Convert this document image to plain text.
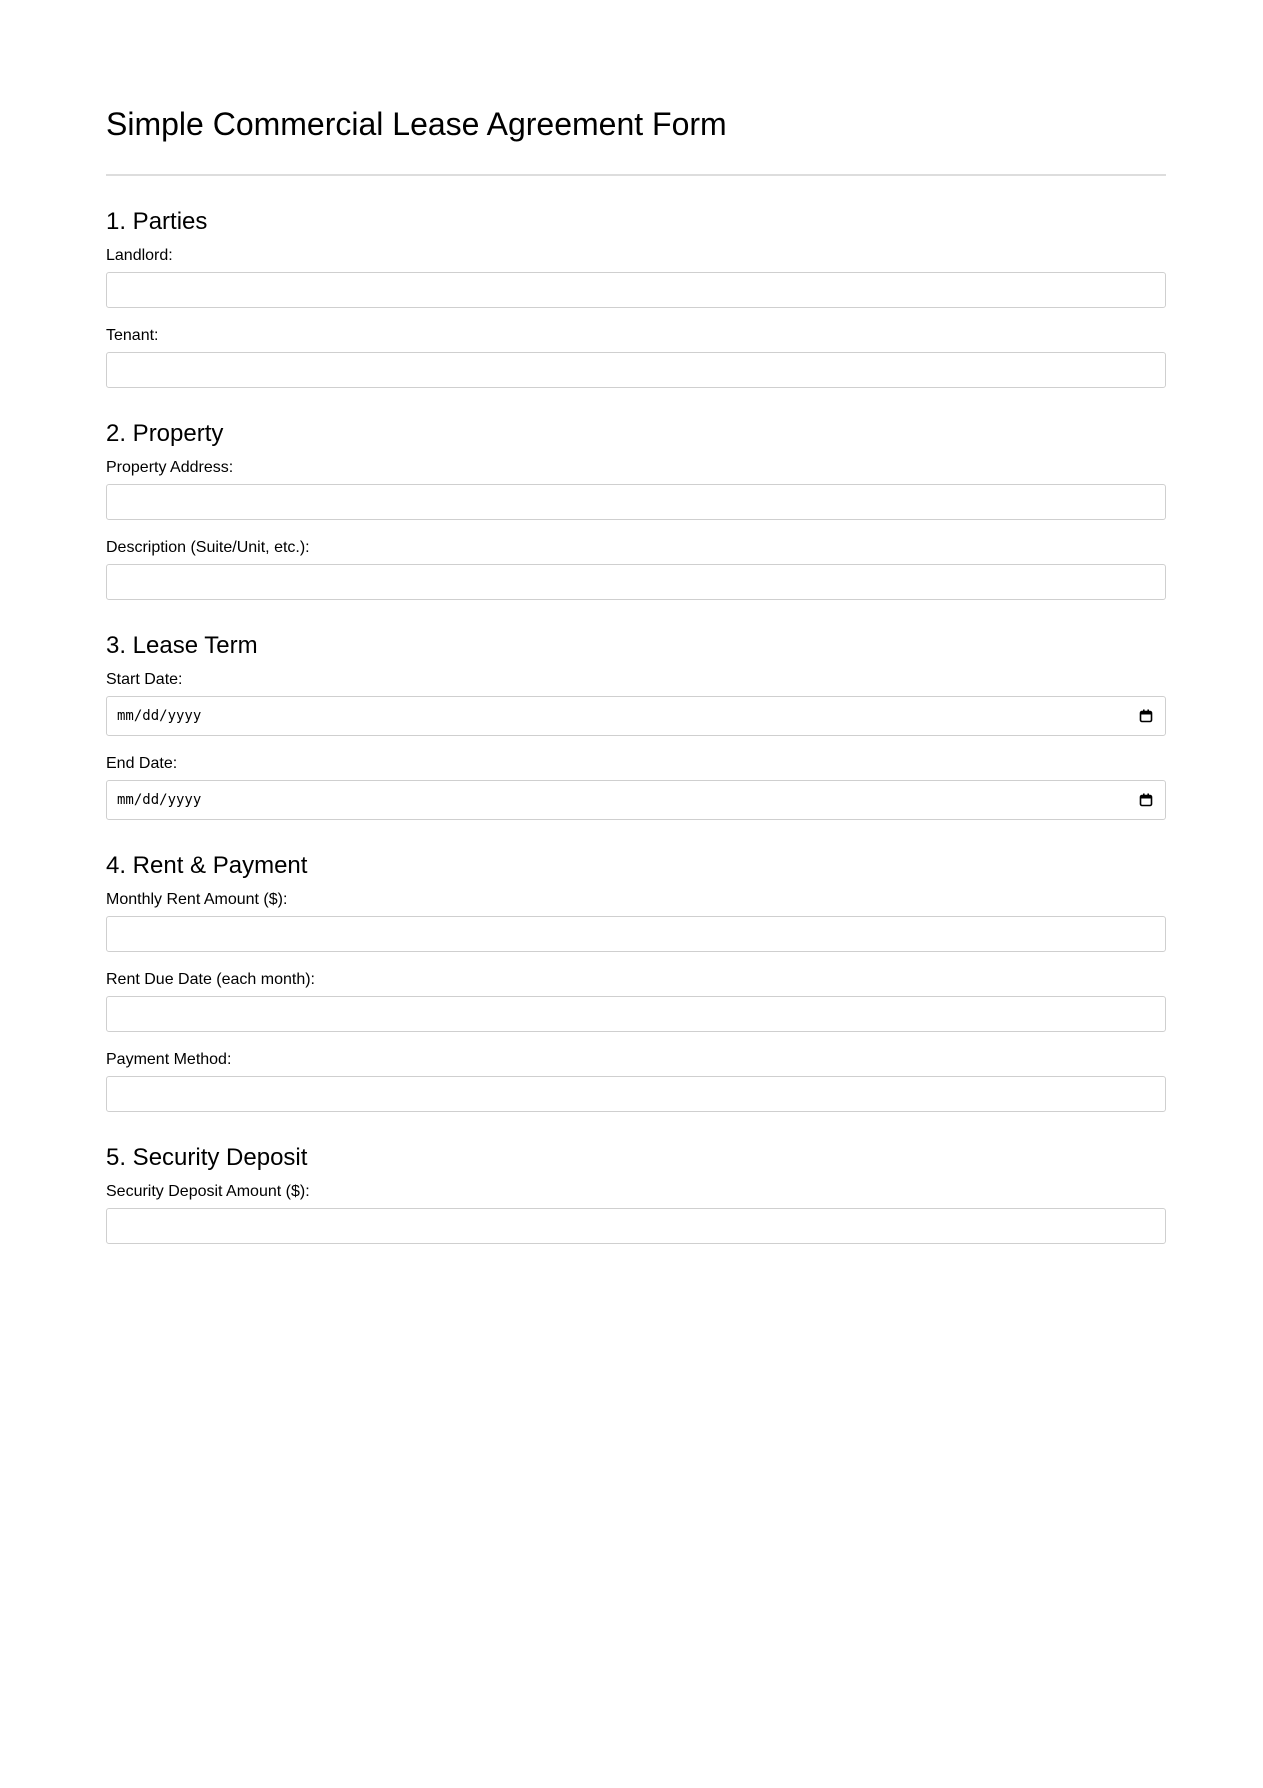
Simple Commercial Lease Agreement Form
1. Parties
Landlord:
Tenant:
2. Property
Property Address:
Description (Suite/Unit, etc.):
3. Lease Term
Start Date:
mm/dd/yyyy
End Date:
mm/dd/yyyy
4. Rent & Payment
Monthly Rent Amount ($):
Rent Due Date (each month):
Payment Method:
5. Security Deposit
Security Deposit Amount ($):
